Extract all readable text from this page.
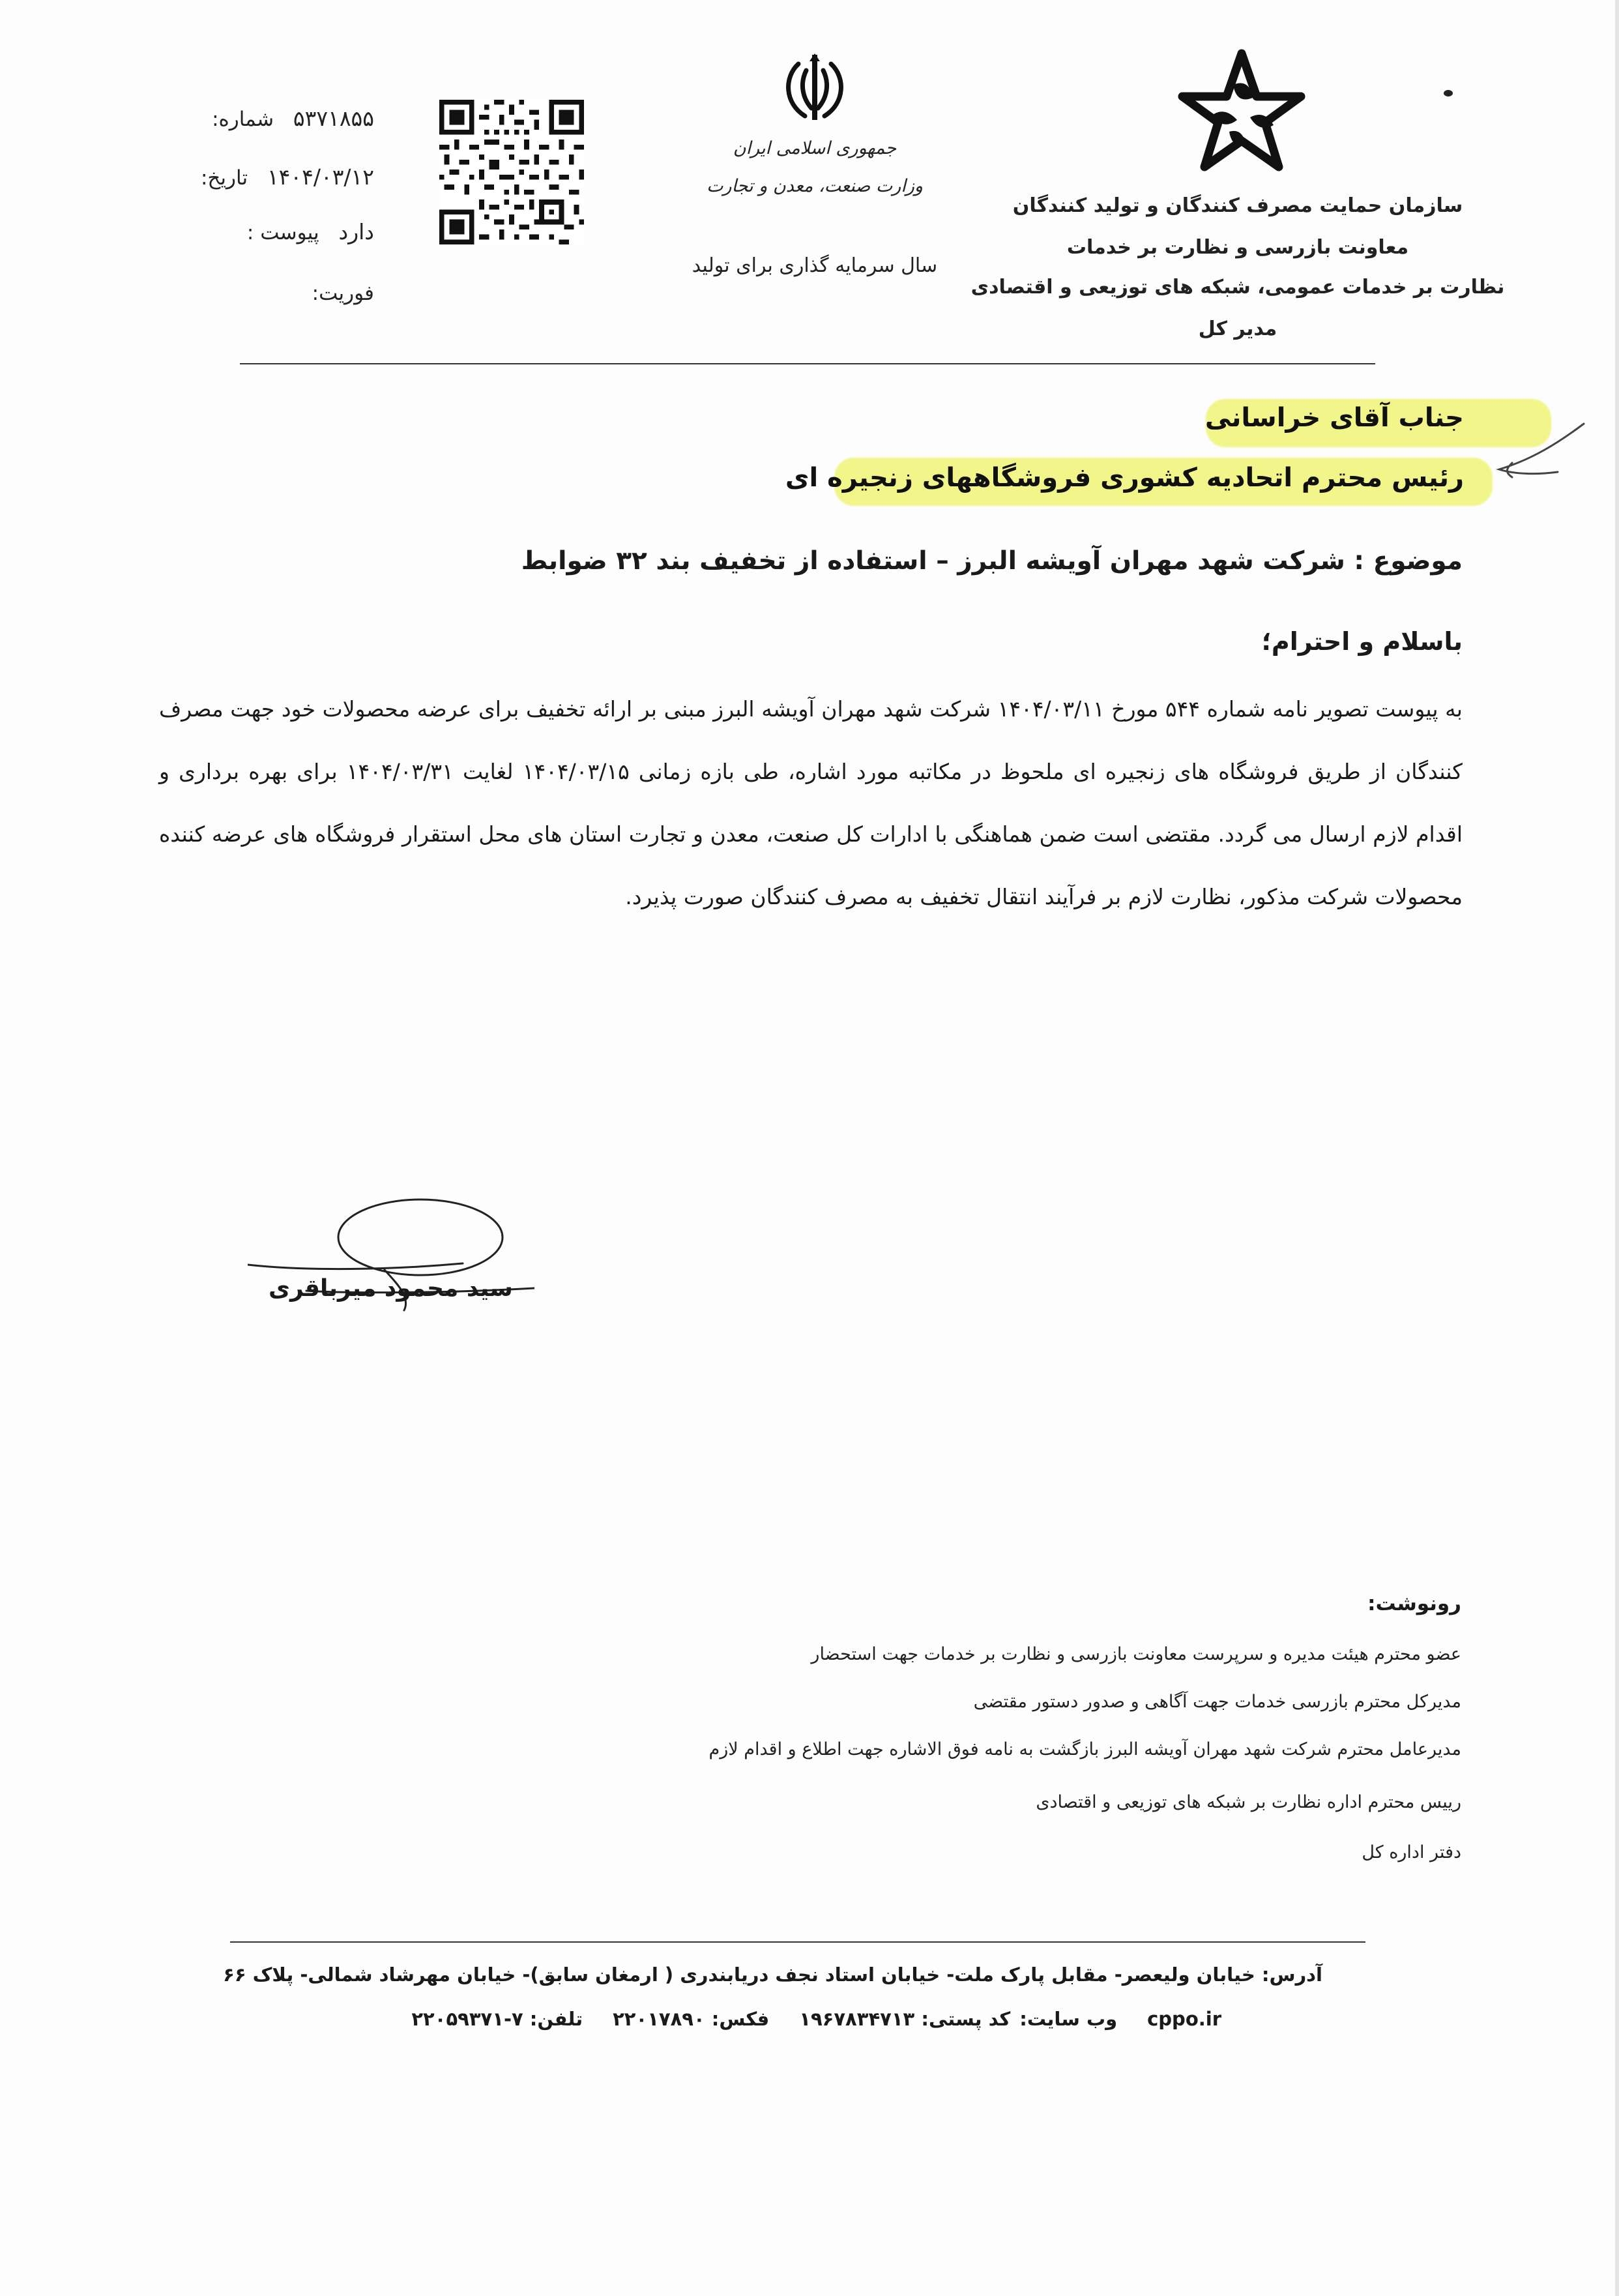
شماره: ۵۳۷۱۸۵۵
تاریخ: ۱۴۰۴/۰۳/۱۲
پیوست : دارد
فوریت:
جمهوری اسلامی ایران
وزارت صنعت، معدن و تجارت
سال سرمایه گذاری برای تولید
سازمان حمایت مصرف کنندگان و تولید کنندگان
معاونت بازرسی و نظارت بر خدمات
نظارت بر خدمات عمومی، شبکه های توزیعی و اقتصادی
مدیر کل
جناب آقای خراسانی
رئیس محترم اتحادیه کشوری فروشگاههای زنجیره ای
موضوع : شرکت شهد مهران آویشه البرز – استفاده از تخفیف بند ۳۲ ضوابط
باسلام و احترام؛
به پیوست تصویر نامه شماره ۵۴۴ مورخ ۱۴۰۴/۰۳/۱۱ شرکت شهد مهران آویشه البرز مبنی بر ارائه تخفیف برای عرضه محصولات خود جهت مصرف کنندگان از طریق فروشگاه های زنجیره ای ملحوظ در مکاتبه مورد اشاره، طی بازه زمانی ۱۴۰۴/۰۳/۱۵ لغایت ۱۴۰۴/۰۳/۳۱ برای بهره برداری و اقدام لازم ارسال می گردد. مقتضی است ضمن هماهنگی با ادارات کل صنعت، معدن و تجارت استان های محل استقرار فروشگاه های عرضه کننده محصولات شرکت مذکور، نظارت لازم بر فرآیند انتقال تخفیف به مصرف کنندگان صورت پذیرد.
سید محمود میرباقری
رونوشت:
عضو محترم هیئت مدیره و سرپرست معاونت بازرسی و نظارت بر خدمات جهت استحضار
مدیرکل محترم بازرسی خدمات جهت آگاهی و صدور دستور مقتضی
مدیرعامل محترم شرکت شهد مهران آویشه البرز بازگشت به نامه فوق الاشاره جهت اطلاع و اقدام لازم
رییس محترم اداره نظارت بر شبکه های توزیعی و اقتصادی
دفتر اداره کل
آدرس: خیابان ولیعصر- مقابل پارک ملت- خیابان استاد نجف دریابندری ( ارمغان سابق)- خیابان مهرشاد شمالی- پلاک ۶۶
تلفن: ۷-۲۲۰۵۹۳۷۱ فکس: ۲۲۰۱۷۸۹۰ کد پستی: ۱۹۶۷۸۳۴۷۱۳ وب سایت: cppo.ir
